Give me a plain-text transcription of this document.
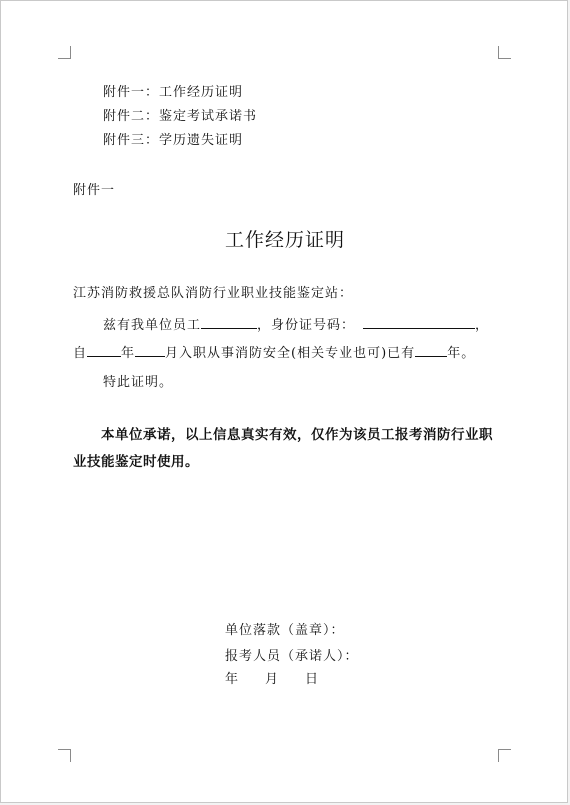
附件一：工作经历证明
附件二：鉴定考试承诺书
附件三：学历遗失证明
附件一
工作经历证明
江苏消防救援总队消防行业职业技能鉴定站：
兹有我单位员工	，身份证号码：	，
自	年 月入职从事消防安全(相关专业也可)已有 年。
特此证明。
本单位承诺，以上信息真实有效，仅作为该员工报考消防行业职业技能鉴定时使用。
单位落款（盖章）：
报考人员（承诺人）：
年 月 日
